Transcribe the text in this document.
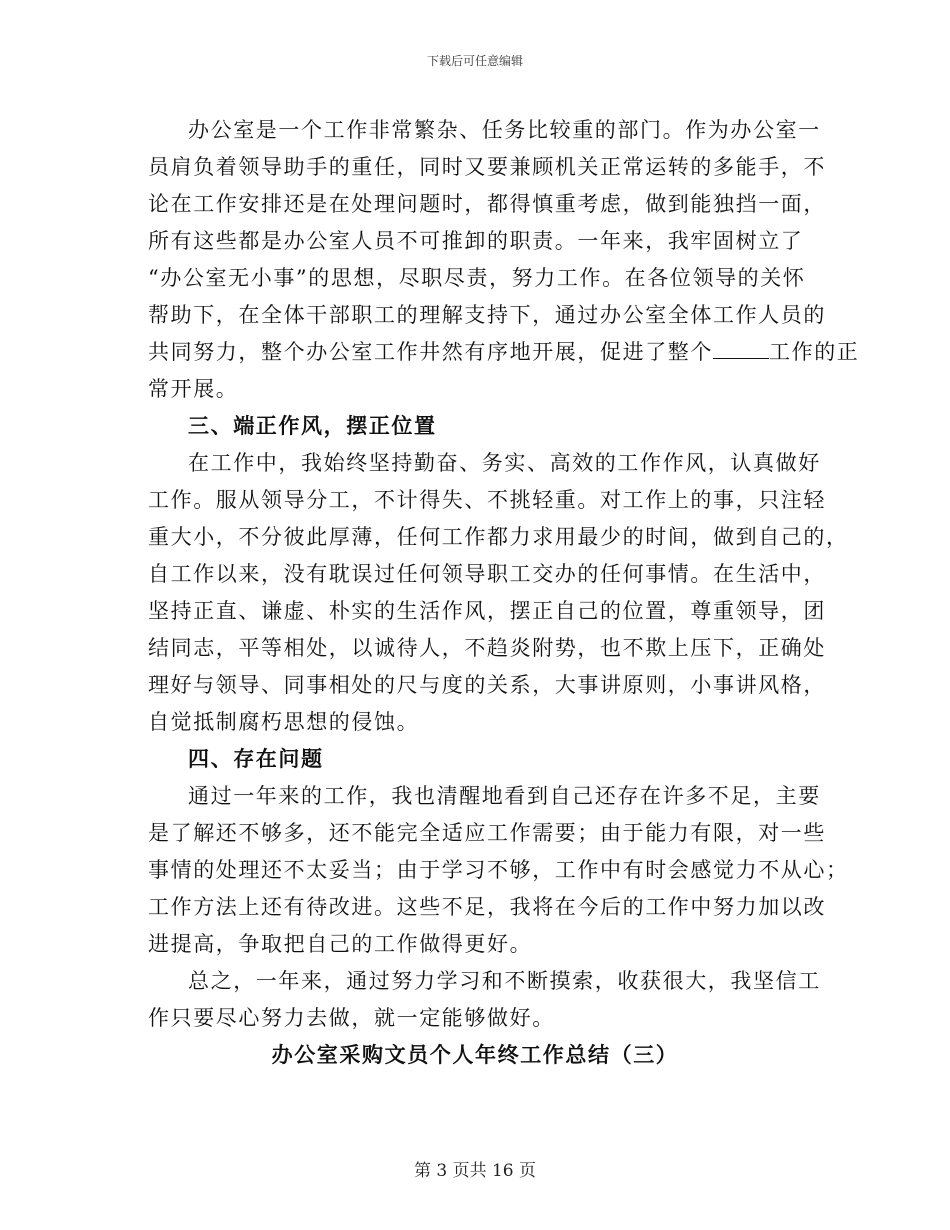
下载后可任意编辑
办公室是一个工作非常繁杂、任务比较重的部门。作为办公室一
员肩负着领导助手的重任，同时又要兼顾机关正常运转的多能手，不
论在工作安排还是在处理问题时，都得慎重考虑，做到能独挡一面，
所有这些都是办公室人员不可推卸的职责。一年来，我牢固树立了
“办公室无小事”的思想，尽职尽责，努力工作。在各位领导的关怀
帮助下，在全体干部职工的理解支持下，通过办公室全体工作人员的
共同努力，整个办公室工作井然有序地开展，促进了整个	工作的正
常开展。
三、端正作风，摆正位置
在工作中，我始终坚持勤奋、务实、高效的工作作风，认真做好
工作。服从领导分工，不计得失、不挑轻重。对工作上的事，只注轻
重大小，不分彼此厚薄，任何工作都力求用最少的时间，做到自己的，
自工作以来，没有耽误过任何领导职工交办的任何事情。在生活中，
坚持正直、谦虚、朴实的生活作风，摆正自己的位置，尊重领导，团
结同志，平等相处，以诚待人，不趋炎附势，也不欺上压下，正确处
理好与领导、同事相处的尺与度的关系，大事讲原则，小事讲风格，
自觉抵制腐朽思想的侵蚀。
四、存在问题
通过一年来的工作，我也清醒地看到自己还存在许多不足，主要
是了解还不够多，还不能完全适应工作需要；由于能力有限，对一些
事情的处理还不太妥当；由于学习不够，工作中有时会感觉力不从心；
工作方法上还有待改进。这些不足，我将在今后的工作中努力加以改
进提高，争取把自己的工作做得更好。
总之，一年来，通过努力学习和不断摸索，收获很大，我坚信工
作只要尽心努力去做，就一定能够做好。
办公室采购文员个人年终工作总结（三）
第 3 页共 16 页
